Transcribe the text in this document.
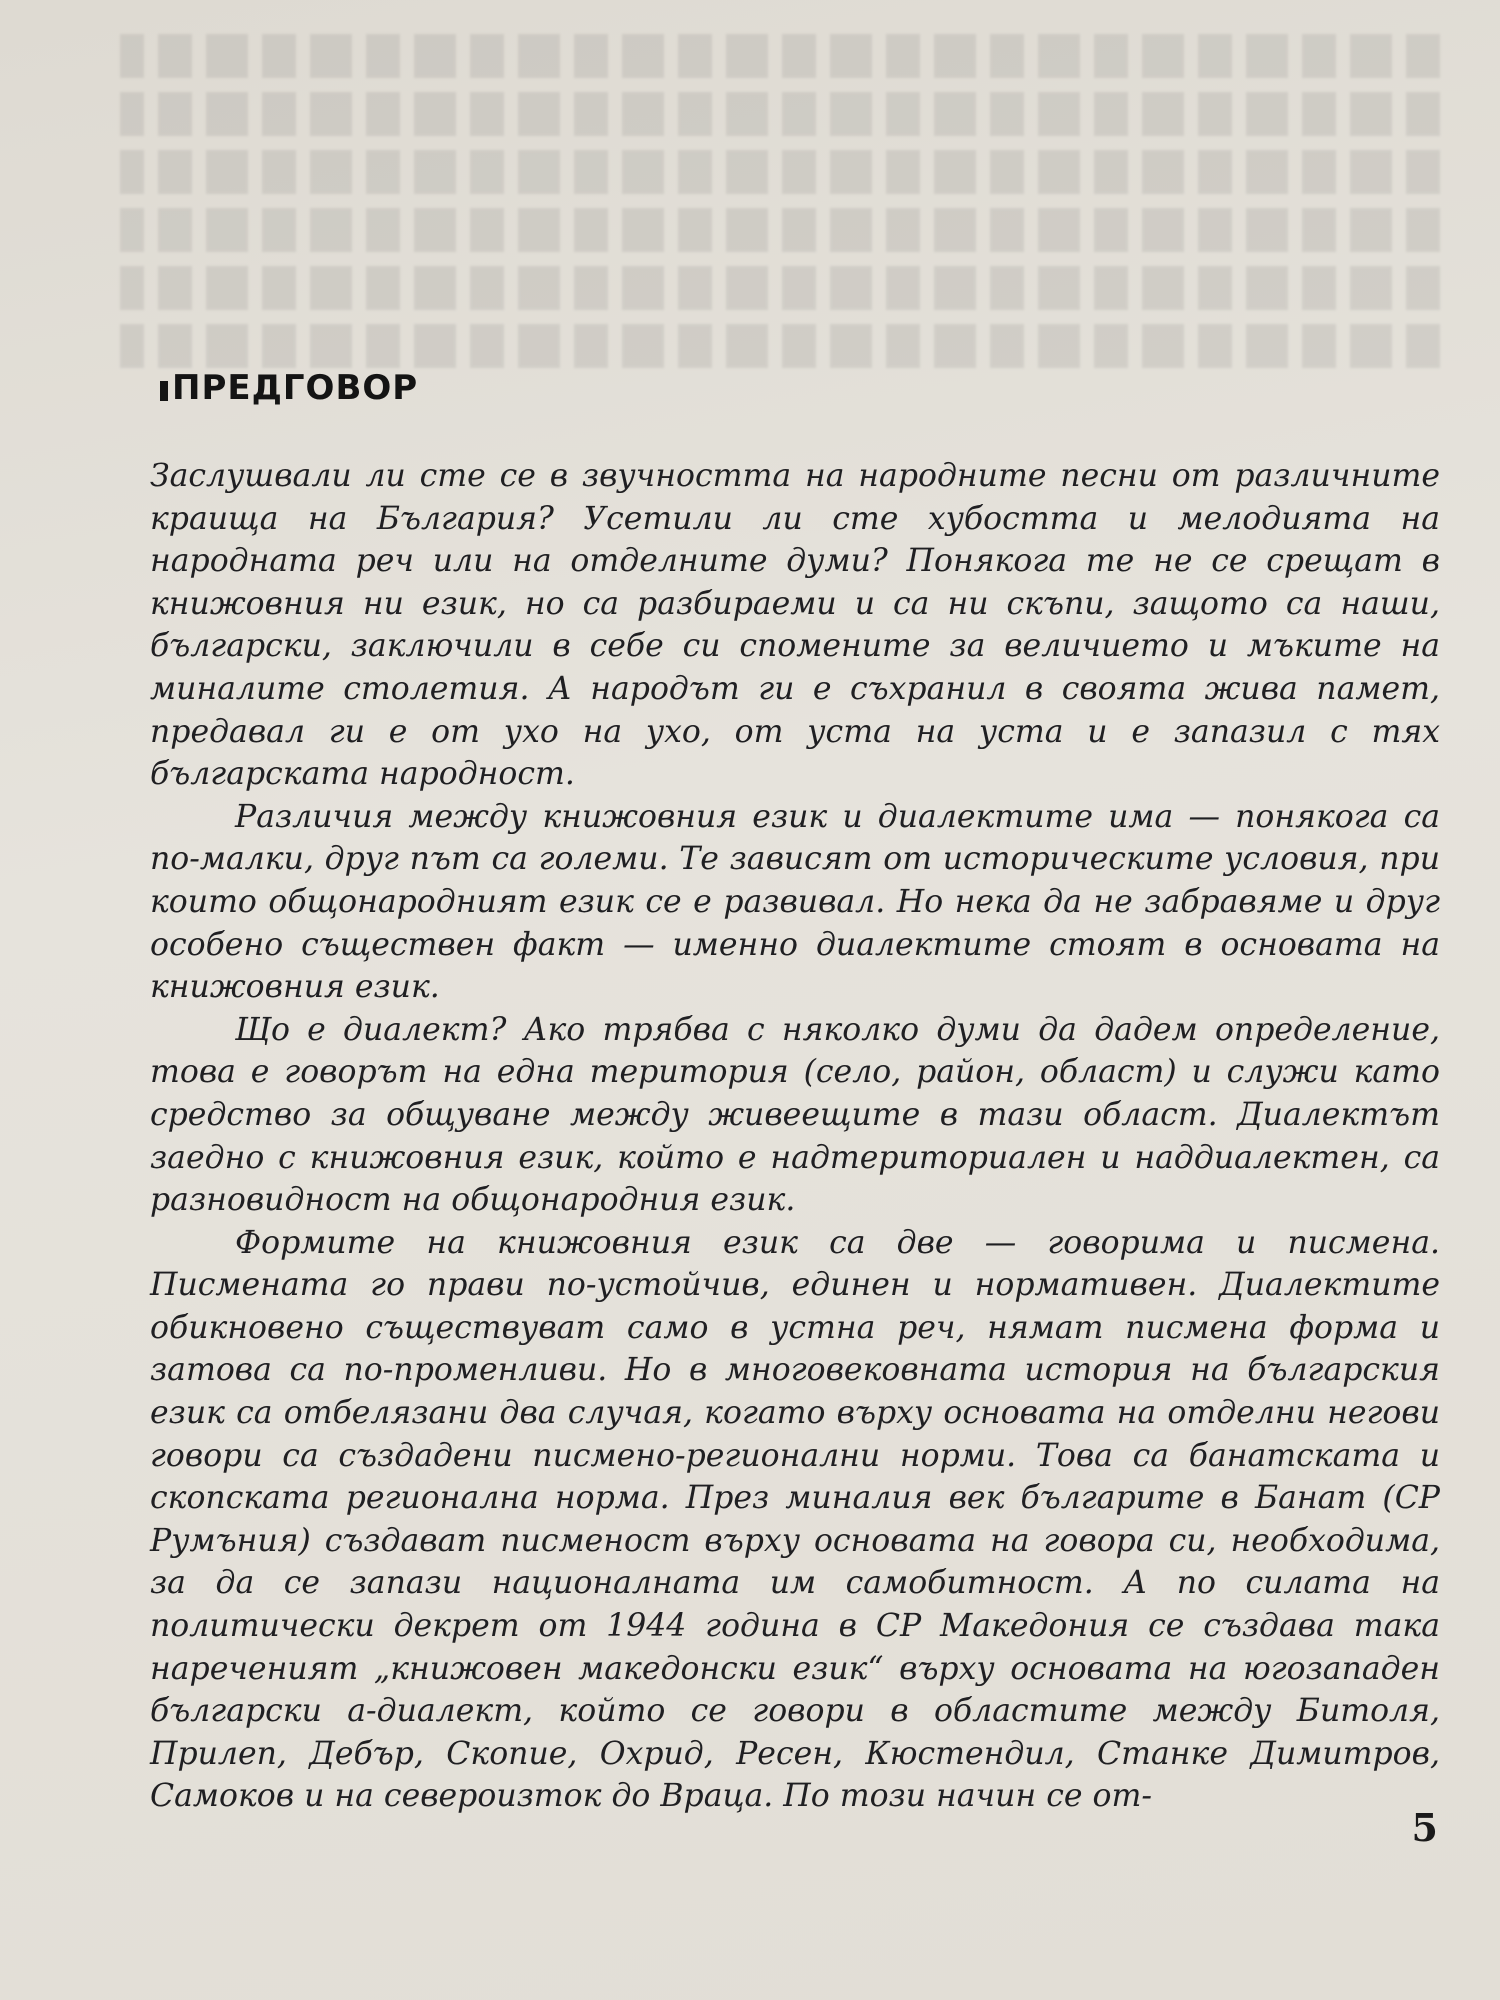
ПРЕДГОВОР

Заслушвали ли сте се в звучността на народните песни от различните краища на България? Усетили ли сте хубостта и мелодията на народната реч или на отделните думи? Понякога те не се срещат в книжовния ни език, но са разбираеми и са ни скъпи, защото са наши, български, заключили в себе си спомените за величието и мъките на миналите столетия. А народът ги е съхранил в своята жива памет, предавал ги е от ухо на ухо, от уста на уста и е запазил с тях българската народност.

Различия между книжовния език и диалектите има — понякога са по-малки, друг път са големи. Те зависят от историческите условия, при които общонародният език се е развивал. Но нека да не забравяме и друг особено съществен факт — именно диалектите стоят в основата на книжовния език.

Що е диалект? Ако трябва с няколко думи да дадем определение, това е говорът на една територия (село, район, област) и служи като средство за общуване между живеещите в тази област. Диалектът заедно с книжовния език, който е надтериториален и наддиалектен, са разновидност на общонародния език.

Формите на книжовния език са две — говорима и писмена. Писмената го прави по-устойчив, единен и нормативен. Диалектите обикновено съществуват само в устна реч, нямат писмена форма и затова са по-променливи. Но в многовековната история на българския език са отбелязани два случая, когато върху основата на отделни негови говори са създадени писмено-регионални норми. Това са банатската и скопската регионална норма. През миналия век българите в Банат (СР Румъния) създават писменост върху основата на говора си, необходима, за да се запази националната им самобитност. А по силата на политически декрет от 1944 година в СР Македония се създава така нареченият „книжовен македонски език“ върху основата на югозападен български а-диалект, който се говори в областите между Битоля, Прилеп, Дебър, Скопие, Охрид, Ресен, Кюстендил, Станке Димитров, Самоков и на североизток до Враца. По този начин се от-

5
